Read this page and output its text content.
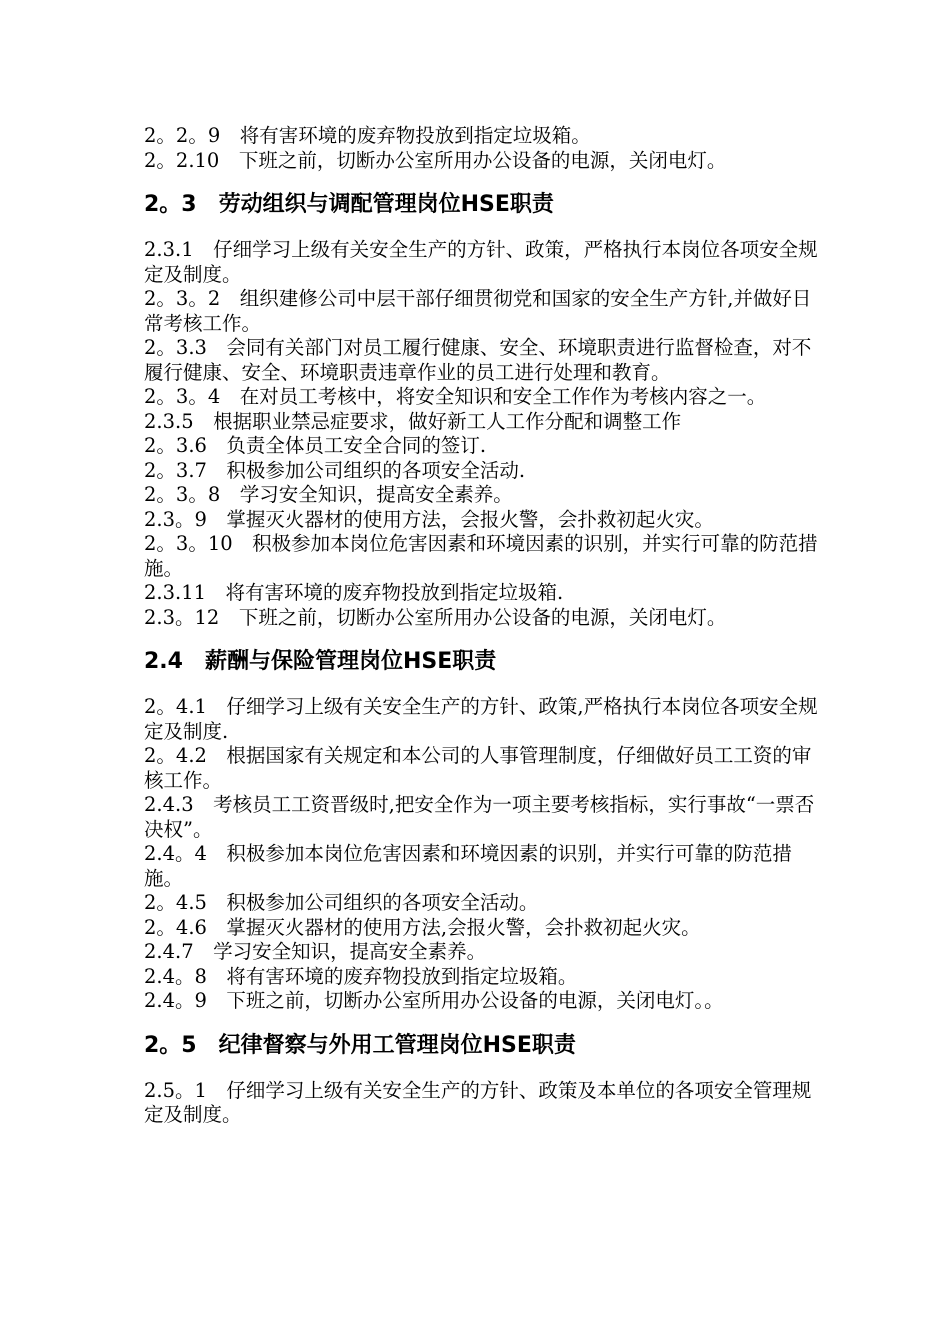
2。2。9　将有害环境的废弃物投放到指定垃圾箱。

2。2.10　下班之前，切断办公室所用办公设备的电源，关闭电灯。

2。3　劳动组织与调配管理岗位HSE职责

2.3.1　仔细学习上级有关安全生产的方针、政策，严格执行本岗位各项安全规定及制度。

2。3。2　组织建修公司中层干部仔细贯彻党和国家的安全生产方针,并做好日常考核工作。

2。3.3　会同有关部门对员工履行健康、安全、环境职责进行监督检查，对不履行健康、安全、环境职责违章作业的员工进行处理和教育。

2。3。4　在对员工考核中，将安全知识和安全工作作为考核内容之一。

2.3.5　根据职业禁忌症要求，做好新工人工作分配和调整工作

2。3.6　负责全体员工安全合同的签订.

2。3.7　积极参加公司组织的各项安全活动.

2。3。8　学习安全知识，提高安全素养。

2.3。9　掌握灭火器材的使用方法，会报火警，会扑救初起火灾。

2。3。10　积极参加本岗位危害因素和环境因素的识别，并实行可靠的防范措施。

2.3.11　将有害环境的废弃物投放到指定垃圾箱.

2.3。12　下班之前，切断办公室所用办公设备的电源，关闭电灯。

2.4　薪酬与保险管理岗位HSE职责

2。4.1　仔细学习上级有关安全生产的方针、政策,严格执行本岗位各项安全规定及制度.

2。4.2　根据国家有关规定和本公司的人事管理制度，仔细做好员工工资的审核工作。

2.4.3　考核员工工资晋级时,把安全作为一项主要考核指标，实行事故“一票否决权”。

2.4。4　积极参加本岗位危害因素和环境因素的识别，并实行可靠的防范措施。

2。4.5　积极参加公司组织的各项安全活动。

2。4.6　掌握灭火器材的使用方法,会报火警，会扑救初起火灾。

2.4.7　学习安全知识，提高安全素养。

2.4。8　将有害环境的废弃物投放到指定垃圾箱。

2.4。9　下班之前，切断办公室所用办公设备的电源，关闭电灯。。

2。5　纪律督察与外用工管理岗位HSE职责

2.5。1　仔细学习上级有关安全生产的方针、政策及本单位的各项安全管理规定及制度。
